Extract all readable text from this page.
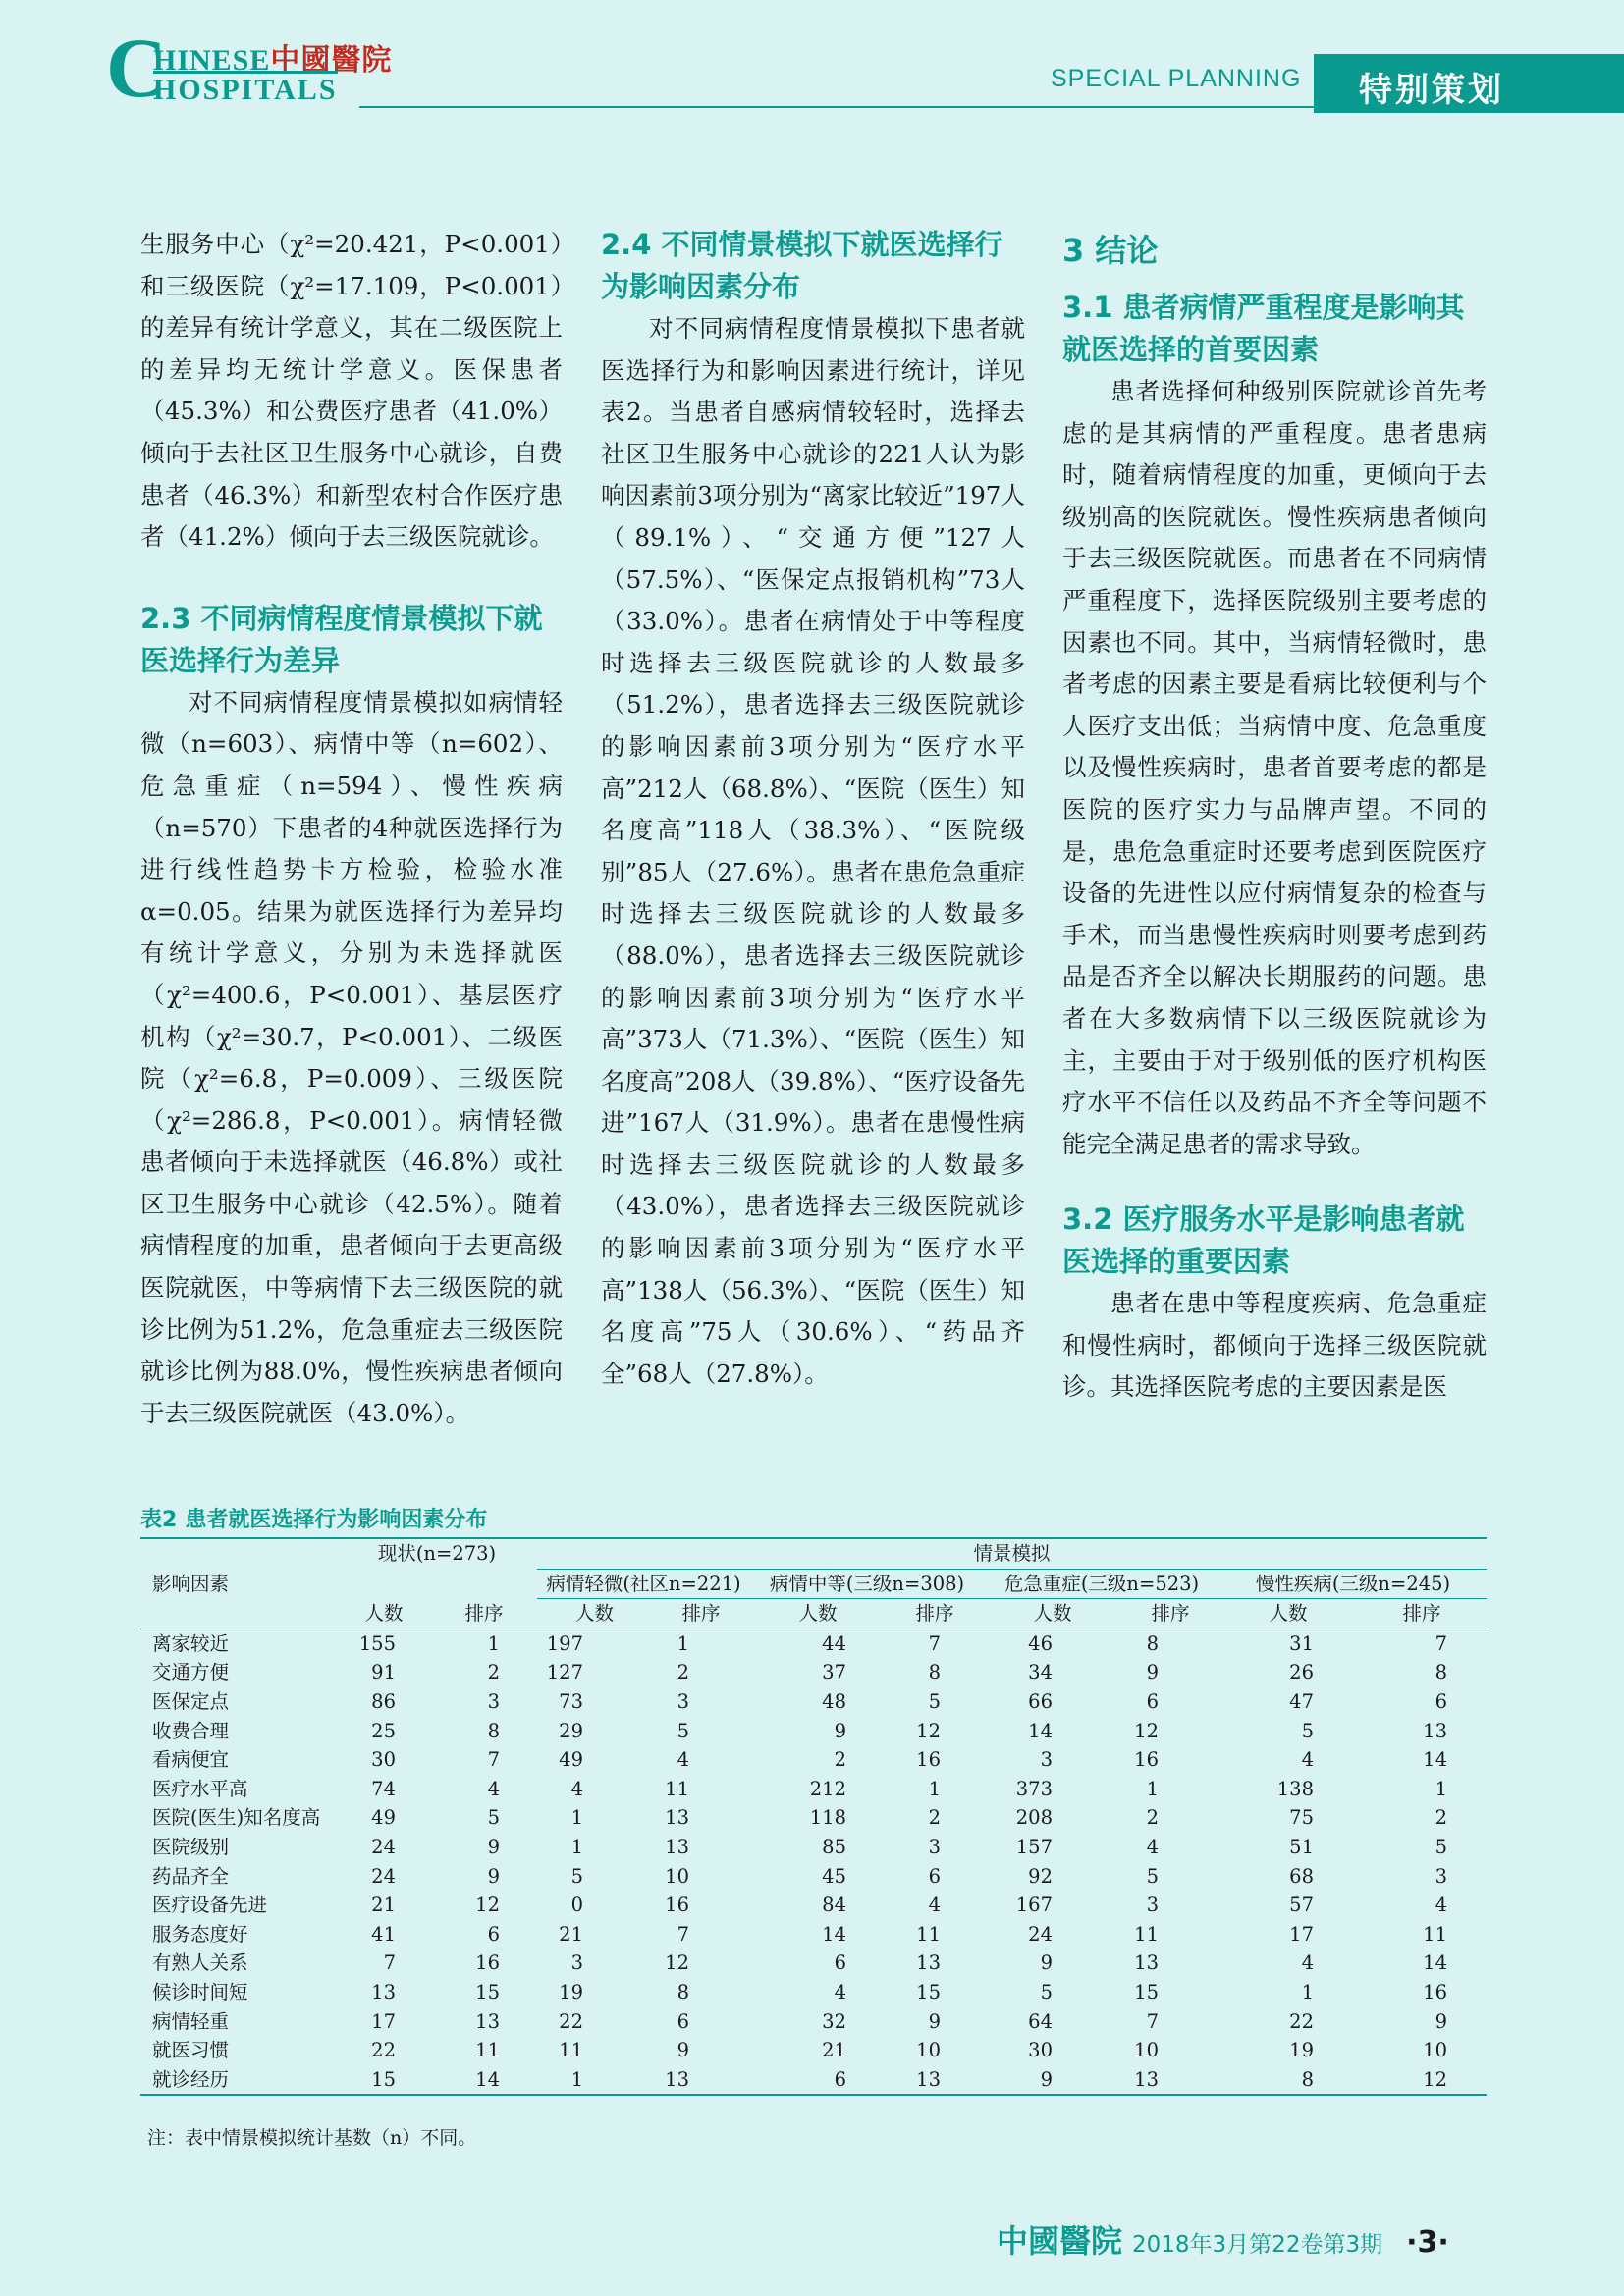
C
HINESE中國醫院
HOSPITALS	SPECIAL PLANNING 特别策划

生服务中心（χ²=20.421，P<0.001）和三级医院（χ²=17.109，P<0.001）的差异有统计学意义，其在二级医院上的差异均无统计学意义。医保患者（45.3%）和公费医疗患者（41.0%）倾向于去社区卫生服务中心就诊，自费患者（46.3%）和新型农村合作医疗患者（41.2%）倾向于去三级医院就诊。

2.3 不同病情程度情景模拟下就医选择行为差异

对不同病情程度情景模拟如病情轻微（n=603）、病情中等（n=602）、危急重症（n=594）、慢性疾病（n=570）下患者的4种就医选择行为进行线性趋势卡方检验，检验水准α=0.05。结果为就医选择行为差异均有统计学意义，分别为未选择就医（χ²=400.6，P<0.001）、基层医疗机构（χ²=30.7，P<0.001）、二级医院（χ²=6.8，P=0.009）、三级医院（χ²=286.8，P<0.001）。病情轻微患者倾向于未选择就医（46.8%）或社区卫生服务中心就诊（42.5%）。随着病情程度的加重，患者倾向于去更高级医院就医，中等病情下去三级医院的就诊比例为51.2%，危急重症去三级医院就诊比例为88.0%，慢性疾病患者倾向于去三级医院就医（43.0%）。

2.4 不同情景模拟下就医选择行为影响因素分布

对不同病情程度情景模拟下患者就医选择行为和影响因素进行统计，详见表2。当患者自感病情较轻时，选择去社区卫生服务中心就诊的221人认为影响因素前3项分别为“离家比较近”197人（89.1%）、“交通方便”127人（57.5%）、“医保定点报销机构”73人（33.0%）。患者在病情处于中等程度时选择去三级医院就诊的人数最多（51.2%），患者选择去三级医院就诊的影响因素前3项分别为“医疗水平高”212人（68.8%）、“医院（医生）知名度高”118人（38.3%）、“医院级别”85人（27.6%）。患者在患危急重症时选择去三级医院就诊的人数最多（88.0%），患者选择去三级医院就诊的影响因素前3项分别为“医疗水平高”373人（71.3%）、“医院（医生）知名度高”208人（39.8%）、“医疗设备先进”167人（31.9%）。患者在患慢性病时选择去三级医院就诊的人数最多（43.0%），患者选择去三级医院就诊的影响因素前3项分别为“医疗水平高”138人（56.3%）、“医院（医生）知名度高”75人（30.6%）、“药品齐全”68人（27.8%）。

3 结论
3.1 患者病情严重程度是影响其就医选择的首要因素

患者选择何种级别医院就诊首先考虑的是其病情的严重程度。患者患病时，随着病情程度的加重，更倾向于去级别高的医院就医。慢性疾病患者倾向于去三级医院就医。而患者在不同病情严重程度下，选择医院级别主要考虑的因素也不同。其中，当病情轻微时，患者考虑的因素主要是看病比较便利与个人医疗支出低；当病情中度、危急重度以及慢性疾病时，患者首要考虑的都是医院的医疗实力与品牌声望。不同的是，患危急重症时还要考虑到医院医疗设备的先进性以应付病情复杂的检查与手术，而当患慢性疾病时则要考虑到药品是否齐全以解决长期服药的问题。患者在大多数病情下以三级医院就诊为主，主要由于对于级别低的医疗机构医疗水平不信任以及药品不齐全等问题不能完全满足患者的需求导致。

3.2 医疗服务水平是影响患者就医选择的重要因素

患者在患中等程度疾病、危急重症和慢性病时，都倾向于选择三级医院就诊。其选择医院考虑的主要因素是医

表2 患者就医选择行为影响因素分布
影响因素	现状(n=273)		情景模拟							
			病情轻微(社区n=221)		病情中等(三级n=308)		危急重症(三级n=523)		慢性疾病(三级n=245)	
	人数	排序	人数	排序	人数	排序	人数	排序	人数	排序
离家较近	155	1	197	1	44	7	46	8	31	7
交通方便	91	2	127	2	37	8	34	9	26	8
医保定点	86	3	73	3	48	5	66	6	47	6
收费合理	25	8	29	5	9	12	14	12	5	13
看病便宜	30	7	49	4	2	16	3	16	4	14
医疗水平高	74	4	4	11	212	1	373	1	138	1
医院(医生)知名度高	49	5	1	13	118	2	208	2	75	2
医院级别	24	9	1	13	85	3	157	4	51	5
药品齐全	24	9	5	10	45	6	92	5	68	3
医疗设备先进	21	12	0	16	84	4	167	3	57	4
服务态度好	41	6	21	7	14	11	24	11	17	11
有熟人关系	7	16	3	12	6	13	9	13	4	14
候诊时间短	13	15	19	8	4	15	5	15	1	16
病情轻重	17	13	22	6	32	9	64	7	22	9
就医习惯	22	11	11	9	21	10	30	10	19	10
就诊经历	15	14	1	13	6	13	9	13	8	12
注：表中情景模拟统计基数（n）不同。
中國醫院 2018年3月第22卷第3期 ·3·
